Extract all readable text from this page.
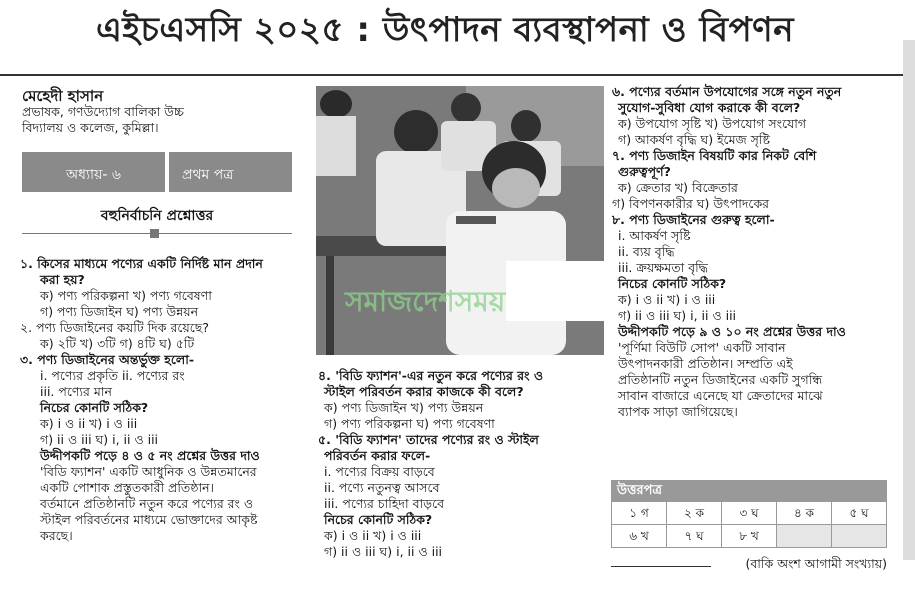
এইচএসসি ২০২৫ : উৎপাদন ব্যবস্থাপনা ও বিপণন

মেহেদী হাসান

প্রভাষক, গণউদ্যোগ বালিকা উচ্চ

বিদ্যালয় ও কলেজ, কুমিল্লা।

অধ্যায়- ৬	প্রথম পত্র
বহুনির্বাচনি প্রশ্নোত্তর

১. কিসের মাধ্যমে পণ্যের একটি নির্দিষ্ট মান প্রদান

করা হয়?

ক) পণ্য পরিকল্পনা খ) পণ্য গবেষণা

গ) পণ্য ডিজাইন ঘ) পণ্য উন্নয়ন

২. পণ্য ডিজাইনের কয়টি দিক রয়েছে?

ক) ২টি খ) ৩টি গ) ৪টি ঘ) ৫টি

৩. পণ্য ডিজাইনের অন্তর্ভুক্ত হলো-

i. পণ্যের প্রকৃতি ii. পণ্যের রং

iii. পণ্যের মান

নিচের কোনটি সঠিক?

ক) i ও ii খ) i ও iii

গ) ii ও iii ঘ) i, ii ও iii

উদ্দীপকটি পড়ে ৪ ও ৫ নং প্রশ্নের উত্তর দাও

'বিডি ফ্যাশন' একটি আধুনিক ও উন্নতমানের

একটি পোশাক প্রস্তুতকারী প্রতিষ্ঠান।

বর্তমানে প্রতিষ্ঠানটি নতুন করে পণ্যের রং ও

স্টাইল পরিবর্তনের মাধ্যমে ভোক্তাদের আকৃষ্ট

করছে।

সমাজদেশসময়

৪. 'বিডি ফ্যাশন'-এর নতুন করে পণ্যের রং ও

স্টাইল পরিবর্তন করার কাজকে কী বলে?

ক) পণ্য ডিজাইন খ) পণ্য উন্নয়ন

গ) পণ্য পরিকল্পনা ঘ) পণ্য গবেষণা

৫. 'বিডি ফ্যাশন' তাদের পণ্যের রং ও স্টাইল

পরিবর্তন করার ফলে-

i. পণ্যের বিক্রয় বাড়বে

ii. পণ্যে নতুনত্ব আসবে

iii. পণ্যের চাহিদা বাড়বে

নিচের কোনটি সঠিক?

ক) i ও ii খ) i ও iii

গ) ii ও iii ঘ) i, ii ও iii

৬. পণ্যের বর্তমান উপযোগের সঙ্গে নতুন নতুন

সুযোগ-সুবিধা যোগ করাকে কী বলে?

ক) উপযোগ সৃষ্টি খ) উপযোগ সংযোগ

গ) আকর্ষণ বৃদ্ধি ঘ) ইমেজ সৃষ্টি

৭. পণ্য ডিজাইন বিষয়টি কার নিকট বেশি

গুরুত্বপূর্ণ?

ক) ক্রেতার খ) বিক্রেতার

গ) বিপণনকারীর ঘ) উৎপাদকের

৮. পণ্য ডিজাইনের গুরুত্ব হলো-

i. আকর্ষণ সৃষ্টি

ii. ব্যয় বৃদ্ধি

iii. ক্রয়ক্ষমতা বৃদ্ধি

নিচের কোনটি সঠিক?

ক) i ও ii খ) i ও iii

গ) ii ও iii ঘ) i, ii ও iii

উদ্দীপকটি পড়ে ৯ ও ১০ নং প্রশ্নের উত্তর দাও

'পূর্ণিমা বিউটি সোপ' একটি সাবান

উৎপাদনকারী প্রতিষ্ঠান। সম্প্রতি এই

প্রতিষ্ঠানটি নতুন ডিজাইনের একটি সুগন্ধি

সাবান বাজারে এনেছে যা ক্রেতাদের মাঝে

ব্যাপক সাড়া জাগিয়েছে।

উত্তরপত্র
১ গ	২ ক	৩ ঘ	৪ ক	৫ ঘ
৬ খ	৭ ঘ	৮ খ
(বাকি অংশ আগামী সংখ্যায়)
